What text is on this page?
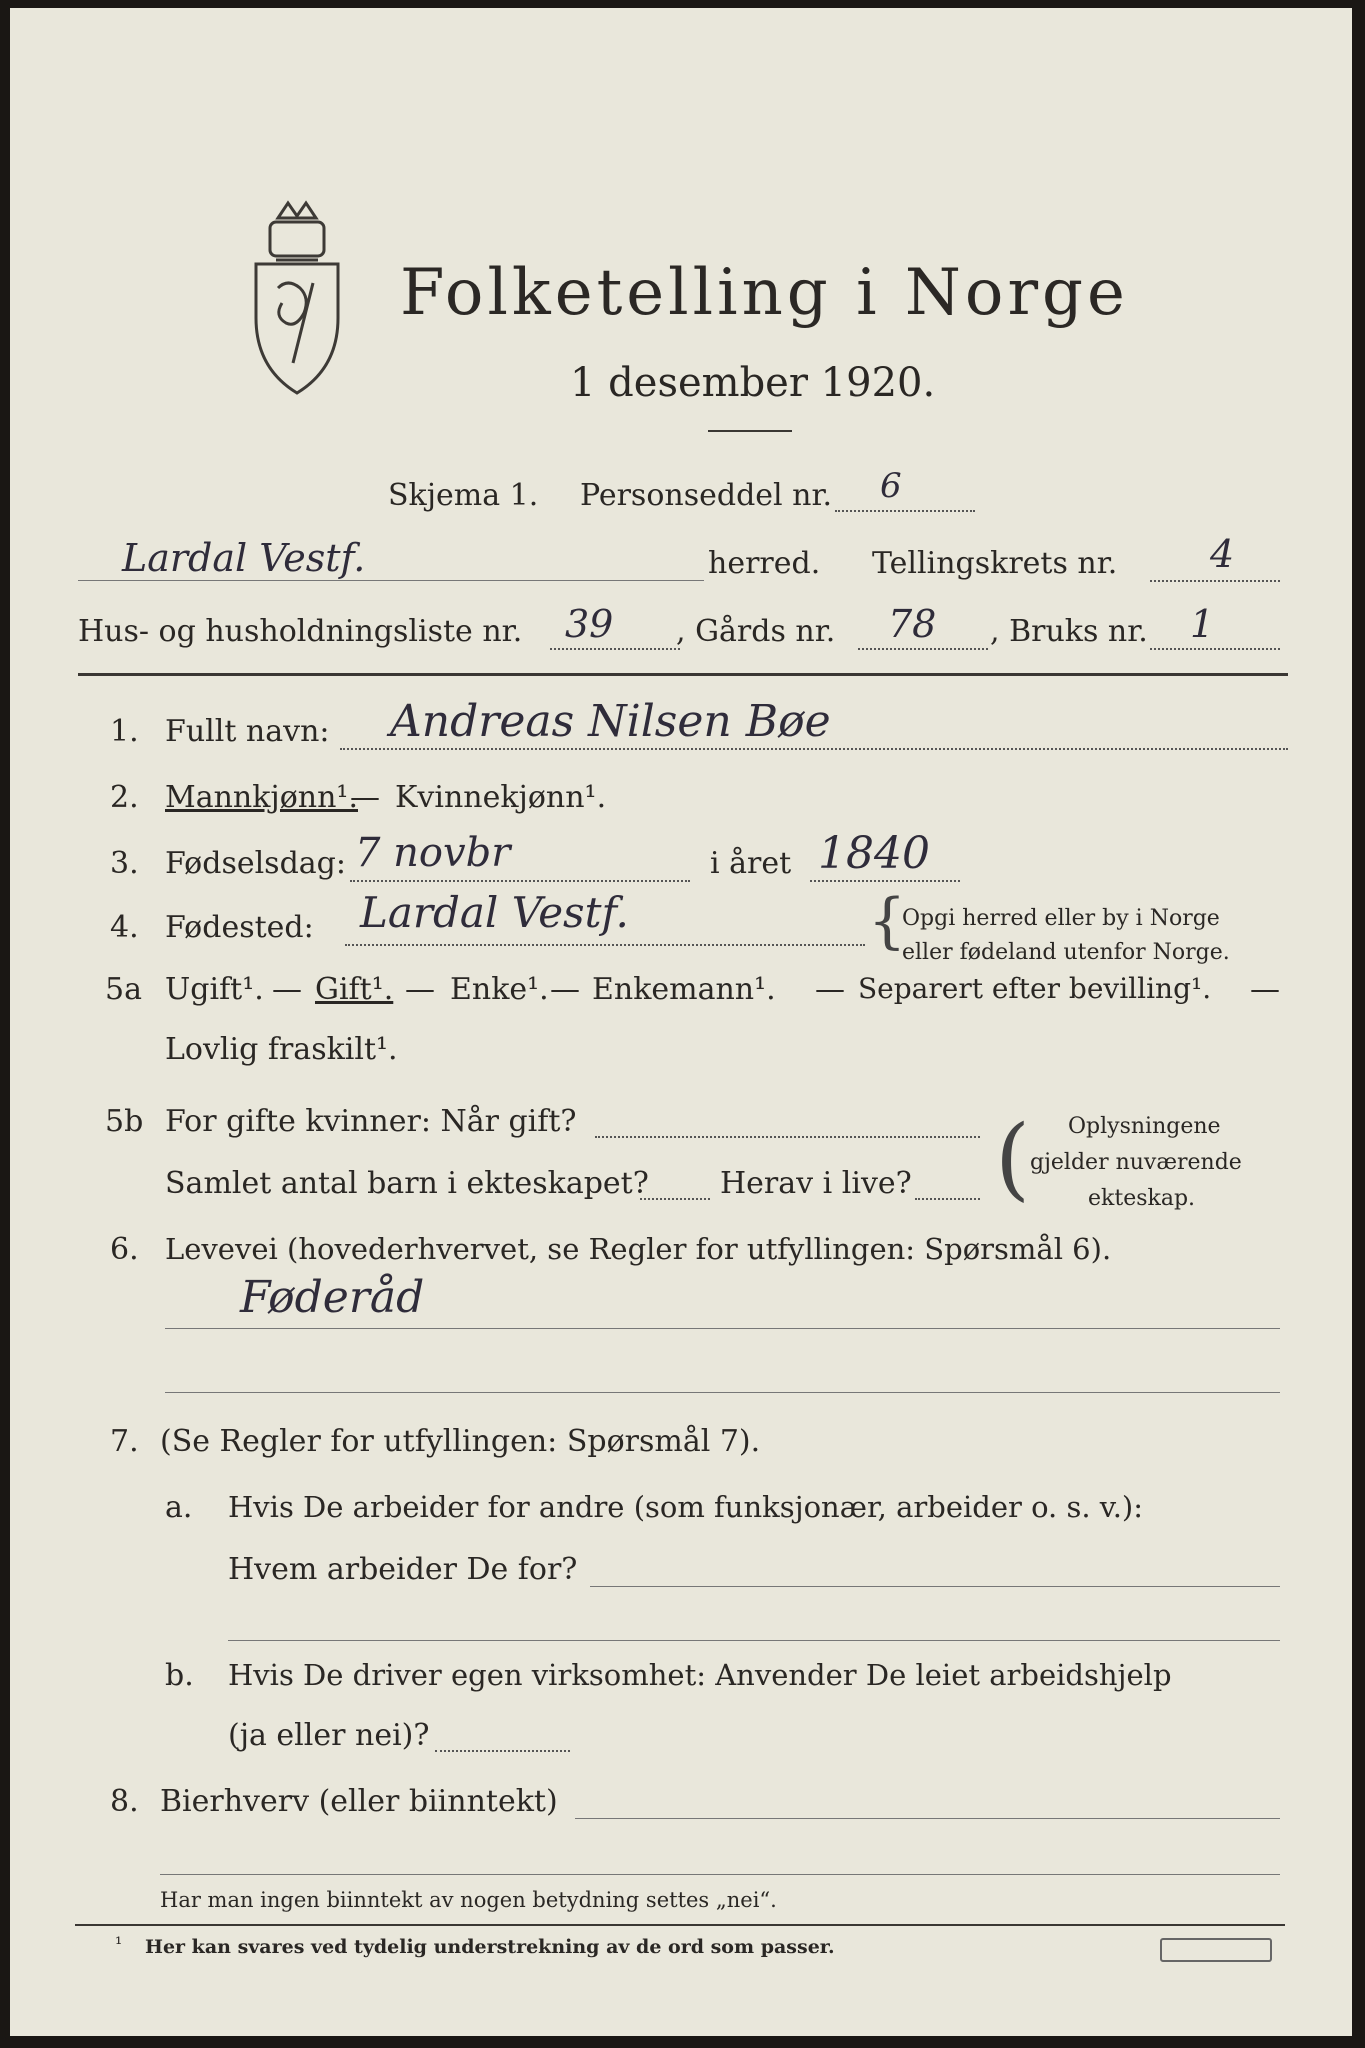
Folketelling i Norge
1 desember 1920.
Skjema 1. Personseddel nr. 6
Lardal Vestf.	herred. Tellingskrets nr. 4
Hus- og husholdningsliste nr. 39 , Gårds nr. 78 , Bruks nr. 1
1. Fullt navn: Andreas Nilsen Bøe
2. Mannkjønn¹.
— Kvinnekjønn¹.
3. Fødselsdag: 7 novbr	i året 1840
4. Fødested: Lardal Vestf.	{
Opgi herred eller by i Norge
eller fødeland utenfor Norge.
5a Ugift¹. — Gift¹. — Enke¹. — Enkemann¹. — Separert efter bevilling¹. —
Lovlig fraskilt¹.
5b For gifte kvinner: Når gift?
Samlet antal barn i ekteskapet? Herav i live? ( Oplysningene
gjelder nuværende
ekteskap.
6. Levevei (hovederhvervet, se Regler for utfyllingen: Spørsmål 6).
Føderåd
7. (Se Regler for utfyllingen: Spørsmål 7).
a. Hvis De arbeider for andre (som funksjonær, arbeider o. s. v.):
Hvem arbeider De for?
b. Hvis De driver egen virksomhet: Anvender De leiet arbeidshjelp
(ja eller nei)?
8. Bierhverv (eller biinntekt)
Har man ingen biinntekt av nogen betydning settes „nei“.
¹ Her kan svares ved tydelig understrekning av de ord som passer.
